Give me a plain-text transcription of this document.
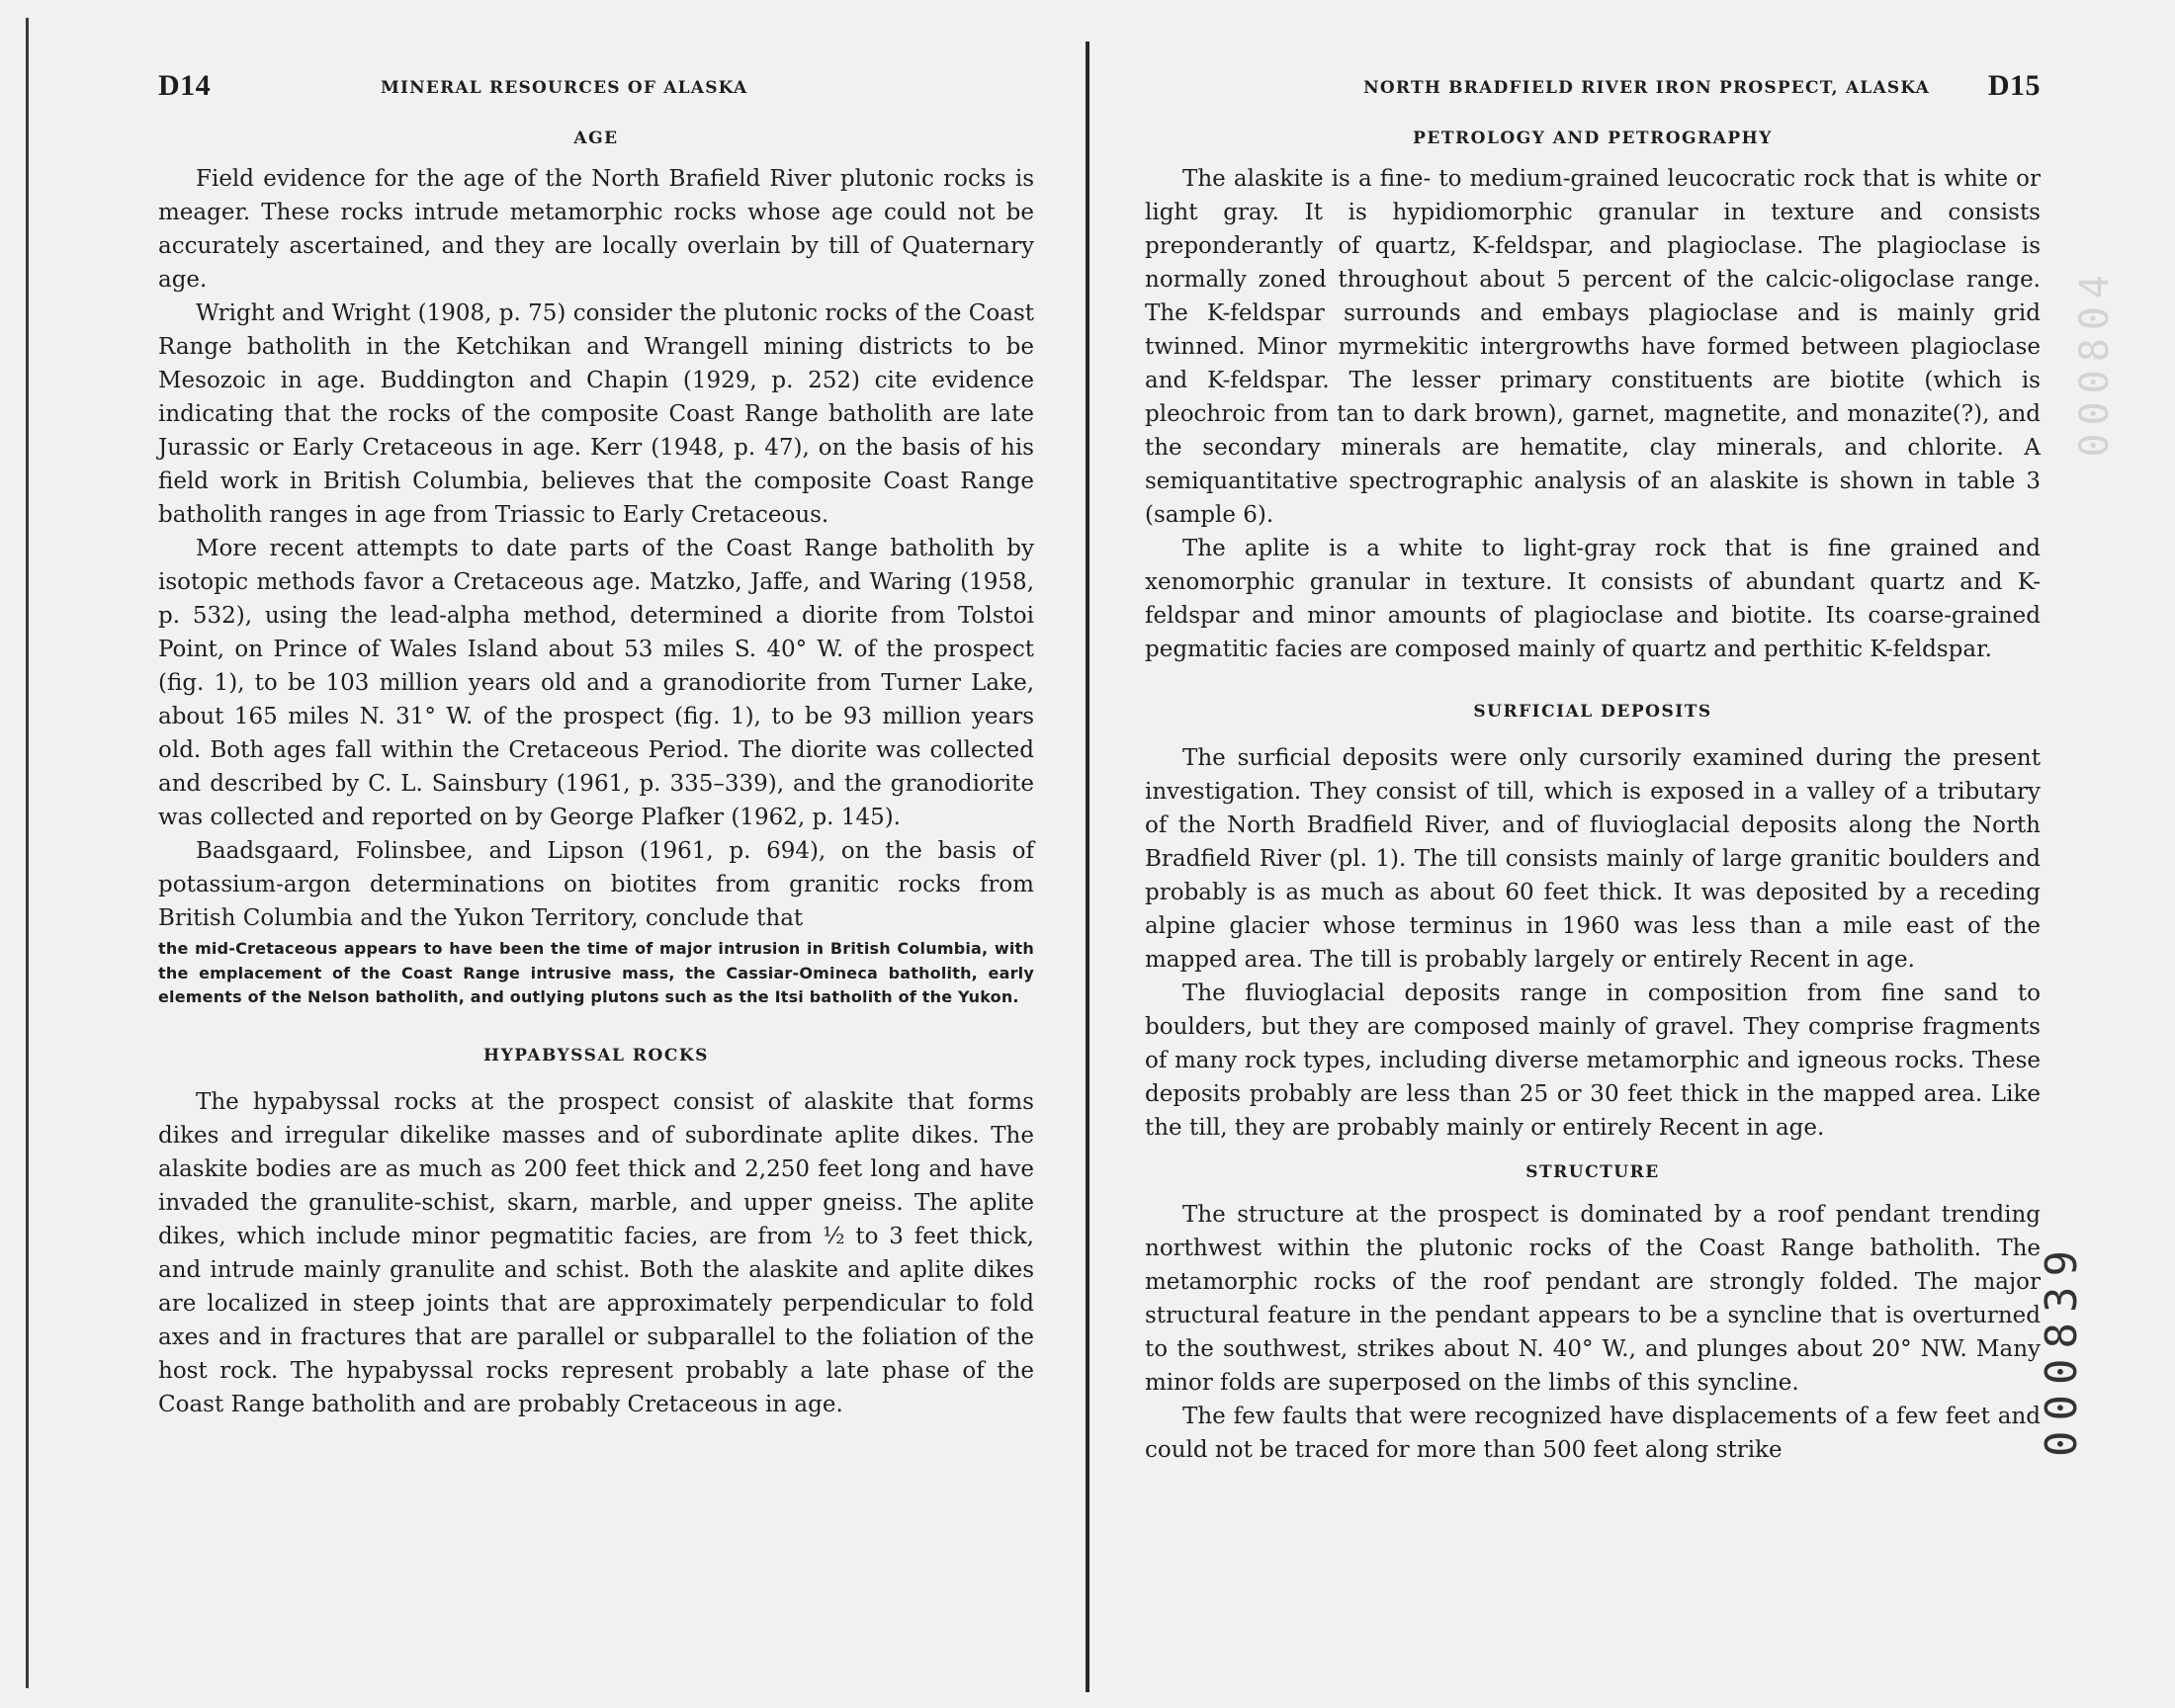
D14	MINERAL RESOURCES OF ALASKA
AGE

Field evidence for the age of the North Brafield River plutonic rocks is meager. These rocks intrude metamorphic rocks whose age could not be accurately ascertained, and they are locally overlain by till of Quaternary age.

Wright and Wright (1908, p. 75) consider the plutonic rocks of the Coast Range batholith in the Ketchikan and Wrangell mining districts to be Mesozoic in age. Buddington and Chapin (1929, p. 252) cite evidence indicating that the rocks of the composite Coast Range batholith are late Jurassic or Early Cretaceous in age. Kerr (1948, p. 47), on the basis of his field work in British Columbia, believes that the composite Coast Range batholith ranges in age from Triassic to Early Cretaceous.

More recent attempts to date parts of the Coast Range batholith by isotopic methods favor a Cretaceous age. Matzko, Jaffe, and Waring (1958, p. 532), using the lead-alpha method, determined a diorite from Tolstoi Point, on Prince of Wales Island about 53 miles S. 40° W. of the prospect (fig. 1), to be 103 million years old and a granodiorite from Turner Lake, about 165 miles N. 31° W. of the prospect (fig. 1), to be 93 million years old. Both ages fall within the Cretaceous Period. The diorite was collected and described by C. L. Sainsbury (1961, p. 335–339), and the granodiorite was collected and reported on by George Plafker (1962, p. 145).

Baadsgaard, Folinsbee, and Lipson (1961, p. 694), on the basis of potassium-argon determinations on biotites from granitic rocks from British Columbia and the Yukon Territory, conclude that

the mid-Cretaceous appears to have been the time of major intrusion in British Columbia, with the emplacement of the Coast Range intrusive mass, the Cassiar-Omineca batholith, early elements of the Nelson batholith, and outlying plutons such as the Itsi batholith of the Yukon.
HYPABYSSAL ROCKS

The hypabyssal rocks at the prospect consist of alaskite that forms dikes and irregular dikelike masses and of subordinate aplite dikes. The alaskite bodies are as much as 200 feet thick and 2,250 feet long and have invaded the granulite-schist, skarn, marble, and upper gneiss. The aplite dikes, which include minor pegmatitic facies, are from ½ to 3 feet thick, and intrude mainly granulite and schist. Both the alaskite and aplite dikes are localized in steep joints that are approximately perpendicular to fold axes and in fractures that are parallel or subparallel to the foliation of the host rock. The hypabyssal rocks represent probably a late phase of the Coast Range batholith and are probably Cretaceous in age.

NORTH BRADFIELD RIVER IRON PROSPECT, ALASKA D15
PETROLOGY AND PETROGRAPHY

The alaskite is a fine- to medium-grained leucocratic rock that is white or light gray. It is hypidiomorphic granular in texture and consists preponderantly of quartz, K-feldspar, and plagioclase. The plagioclase is normally zoned throughout about 5 percent of the calcic-oligoclase range. The K-feldspar surrounds and embays plagioclase and is mainly grid twinned. Minor myrmekitic intergrowths have formed between plagioclase and K-feldspar. The lesser primary constituents are biotite (which is pleochroic from tan to dark brown), garnet, magnetite, and monazite(?), and the secondary minerals are hematite, clay minerals, and chlorite. A semiquantitative spectrographic analysis of an alaskite is shown in table 3 (sample 6).

The aplite is a white to light-gray rock that is fine grained and xenomorphic granular in texture. It consists of abundant quartz and K-feldspar and minor amounts of plagioclase and biotite. Its coarse-grained pegmatitic facies are composed mainly of quartz and perthitic K-feldspar.

SURFICIAL DEPOSITS

The surficial deposits were only cursorily examined during the present investigation. They consist of till, which is exposed in a valley of a tributary of the North Bradfield River, and of fluvioglacial deposits along the North Bradfield River (pl. 1). The till consists mainly of large granitic boulders and probably is as much as about 60 feet thick. It was deposited by a receding alpine glacier whose terminus in 1960 was less than a mile east of the mapped area. The till is probably largely or entirely Recent in age.

The fluvioglacial deposits range in composition from fine sand to boulders, but they are composed mainly of gravel. They comprise fragments of many rock types, including diverse metamorphic and igneous rocks. These deposits probably are less than 25 or 30 feet thick in the mapped area. Like the till, they are probably mainly or entirely Recent in age.

STRUCTURE

The structure at the prospect is dominated by a roof pendant trending northwest within the plutonic rocks of the Coast Range batholith. The metamorphic rocks of the roof pendant are strongly folded. The major structural feature in the pendant appears to be a syncline that is overturned to the southwest, strikes about N. 40° W., and plunges about 20° NW. Many minor folds are superposed on the limbs of this syncline.

The few faults that were recognized have displacements of a few feet and could not be traced for more than 500 feet along strike

000804
000839
